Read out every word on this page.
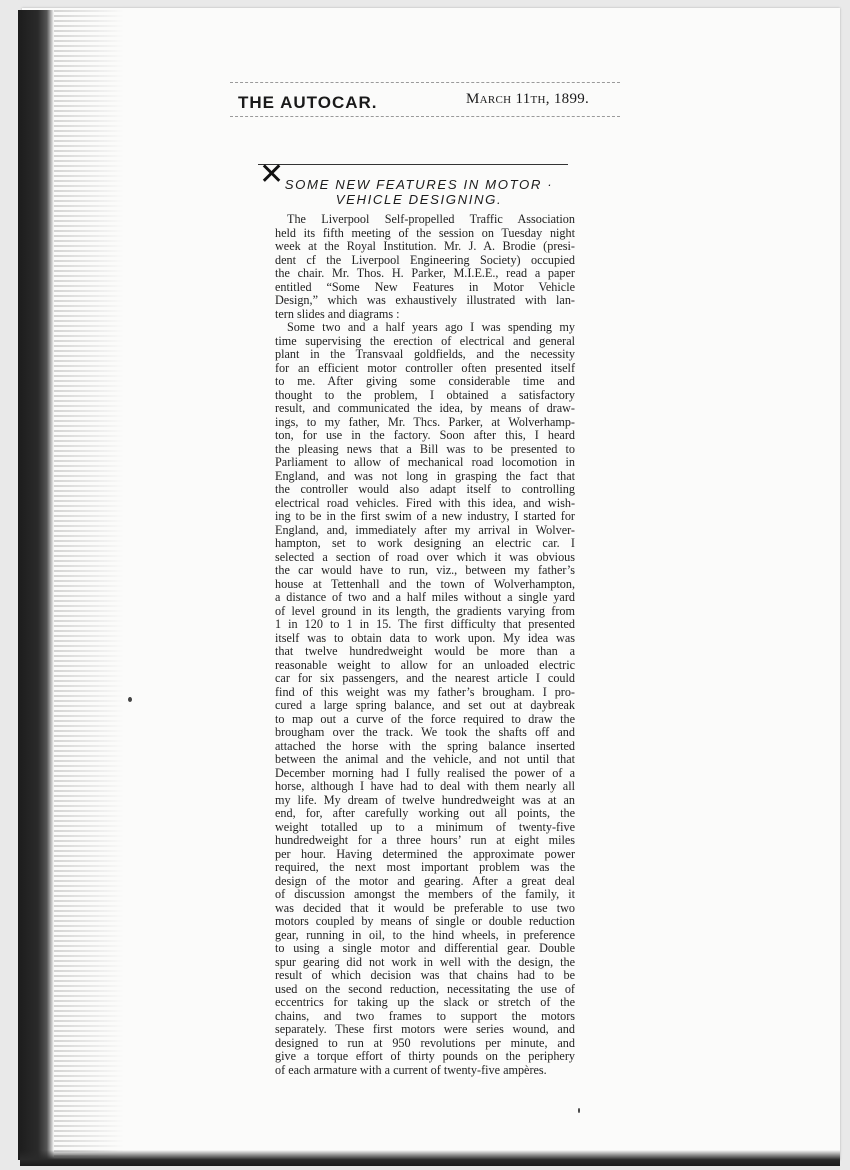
THE AUTOCAR.	March 11th, 1899.
✕ SOME NEW FEATURES IN MOTOR ·
VEHICLE DESIGNING.
The Liverpool Self-propelled Traffic Association
held its fifth meeting of the session on Tuesday night
week at the Royal Institution. Mr. J. A. Brodie (presi-
dent cf the Liverpool Engineering Society) occupied
the chair. Mr. Thos. H. Parker, M.I.E.E., read a paper
entitled “Some New Features in Motor Vehicle
Design,” which was exhaustively illustrated with lan-
tern slides and diagrams :
Some two and a half years ago I was spending my
time supervising the erection of electrical and general
plant in the Transvaal goldfields, and the necessity
for an efficient motor controller often presented itself
to me. After giving some considerable time and
thought to the problem, I obtained a satisfactory
result, and communicated the idea, by means of draw-
ings, to my father, Mr. Thcs. Parker, at Wolverhamp-
ton, for use in the factory. Soon after this, I heard
the pleasing news that a Bill was to be presented to
Parliament to allow of mechanical road locomotion in
England, and was not long in grasping the fact that
the controller would also adapt itself to controlling
electrical road vehicles. Fired with this idea, and wish-
ing to be in the first swim of a new industry, I started for
England, and, immediately after my arrival in Wolver-
hampton, set to work designing an electric car. I
selected a section of road over which it was obvious
the car would have to run, viz., between my father’s
house at Tettenhall and the town of Wolverhampton,
a distance of two and a half miles without a single yard
of level ground in its length, the gradients varying from
1 in 120 to 1 in 15. The first difficulty that presented
itself was to obtain data to work upon. My idea was
that twelve hundredweight would be more than a
reasonable weight to allow for an unloaded electric
car for six passengers, and the nearest article I could
find of this weight was my father’s brougham. I pro-
cured a large spring balance, and set out at daybreak
to map out a curve of the force required to draw the
brougham over the track. We took the shafts off and
attached the horse with the spring balance inserted
between the animal and the vehicle, and not until that
December morning had I fully realised the power of a
horse, although I have had to deal with them nearly all
my life. My dream of twelve hundredweight was at an
end, for, after carefully working out all points, the
weight totalled up to a minimum of twenty-five
hundredweight for a three hours’ run at eight miles
per hour. Having determined the approximate power
required, the next most important problem was the
design of the motor and gearing. After a great deal
of discussion amongst the members of the family, it
was decided that it would be preferable to use two
motors coupled by means of single or double reduction
gear, running in oil, to the hind wheels, in preference
to using a single motor and differential gear. Double
spur gearing did not work in well with the design, the
result of which decision was that chains had to be
used on the second reduction, necessitating the use of
eccentrics for taking up the slack or stretch of the
chains, and two frames to support the motors
separately. These first motors were series wound, and
designed to run at 950 revolutions per minute, and
give a torque effort of thirty pounds on the periphery
of each armature with a current of twenty-five ampères.
